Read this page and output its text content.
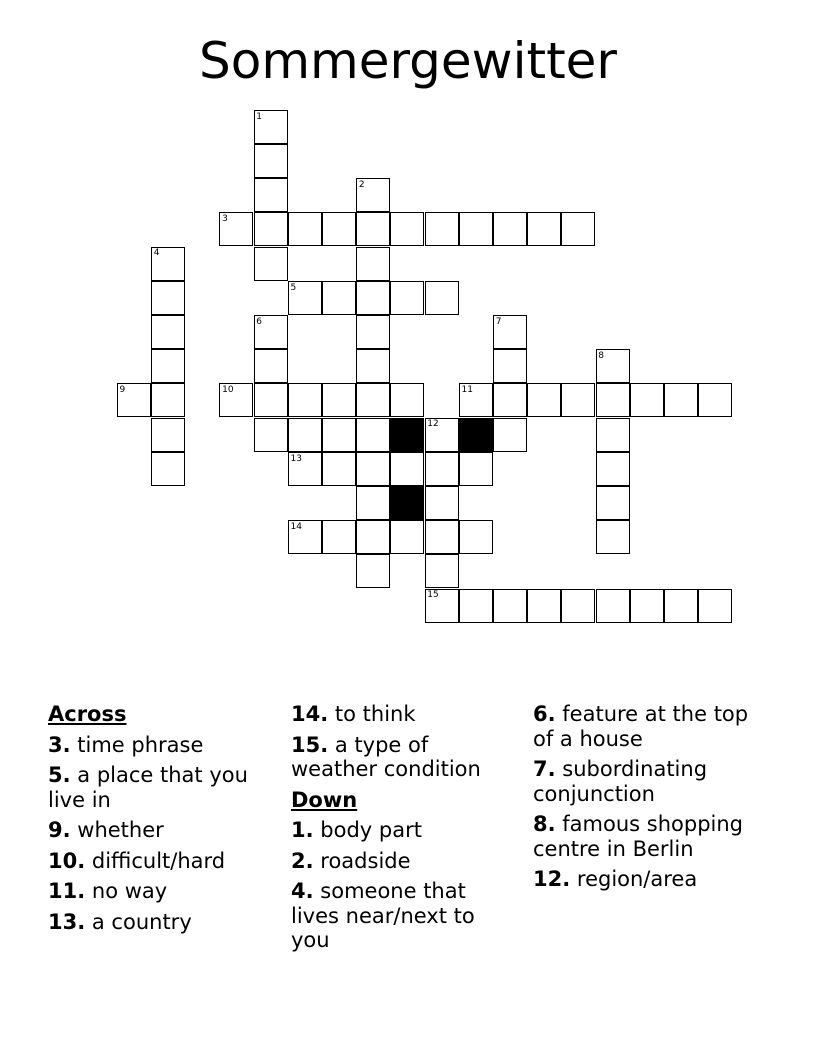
Sommergewitter
1
2
3
4
5
6	7
8
9	10	11
12
13
14
15
Across
3. time phrase
5. a place that you live in
9. whether
10. difficult/hard
11. no way
13. a country
14. to think
15. a type of weather condition
Down
1. body part
2. roadside
4. someone that lives near/next to you
6. feature at the top of a house
7. subordinating conjunction
8. famous shopping centre in Berlin
12. region/area
